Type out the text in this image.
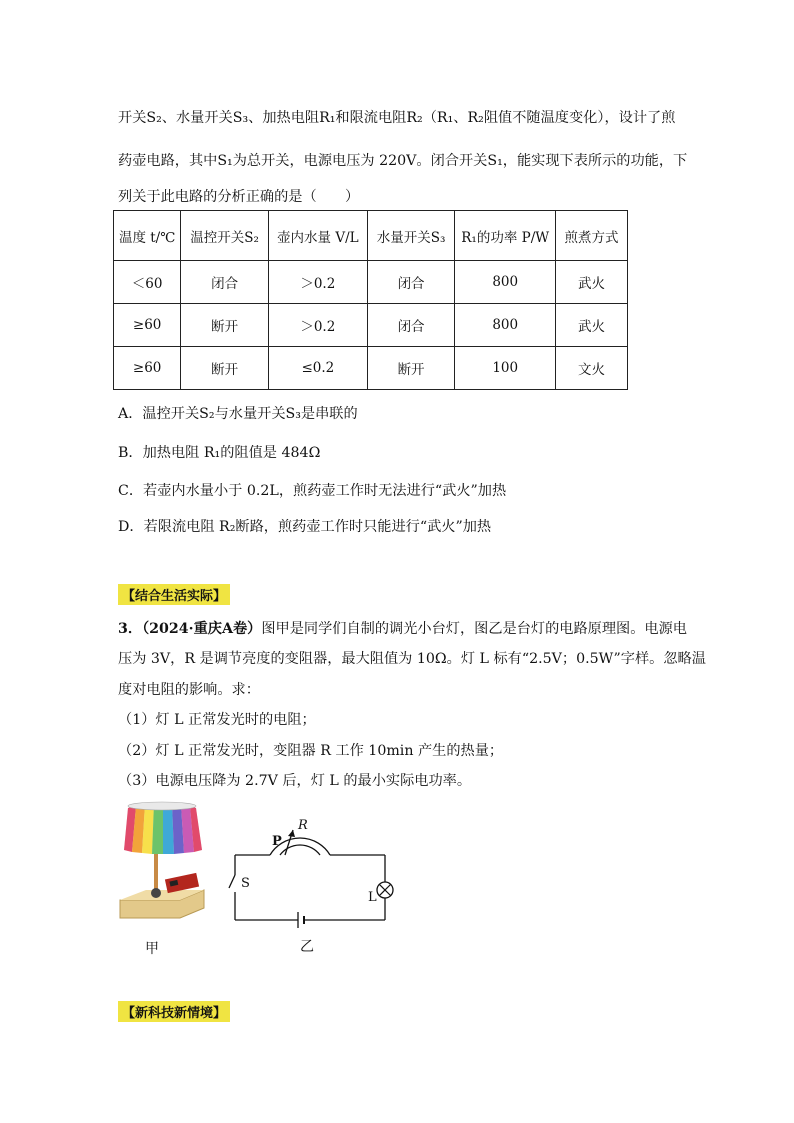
开关S₂、水量开关S₃、加热电阻R₁和限流电阻R₂（R₁、R₂阻值不随温度变化），设计了煎
药壶电路，其中S₁为总开关，电源电压为 220V。闭合开关S₁，能实现下表所示的功能，下
列关于此电路的分析正确的是（　　）
温度 t/℃	温控开关S₂	壶内水量 V/L	水量开关S₃	R₁的功率 P/W	煎煮方式
＜60	闭合	＞0.2	闭合	800	武火
≥60	断开	＞0.2	闭合	800	武火
≥60	断开	≤0.2	断开	100	文火
A．温控开关S₂与水量开关S₃是串联的
B．加热电阻 R₁的阻值是 484Ω
C．若壶内水量小于 0.2L，煎药壶工作时无法进行“武火”加热
D．若限流电阻 R₂断路，煎药壶工作时只能进行“武火”加热
【结合生活实际】
3．（2024·重庆A卷）图甲是同学们自制的调光小台灯，图乙是台灯的电路原理图。电源电
压为 3V，R 是调节亮度的变阻器，最大阻值为 10Ω。灯 L 标有“2.5V；0.5W”字样。忽略温
度对电阻的影响。求：
（1）灯 L 正常发光时的电阻；
（2）灯 L 正常发光时，变阻器 R 工作 10min 产生的热量；
（3）电源电压降为 2.7V 后，灯 L 的最小实际电功率。
甲
P
R
S
L
乙
【新科技新情境】
